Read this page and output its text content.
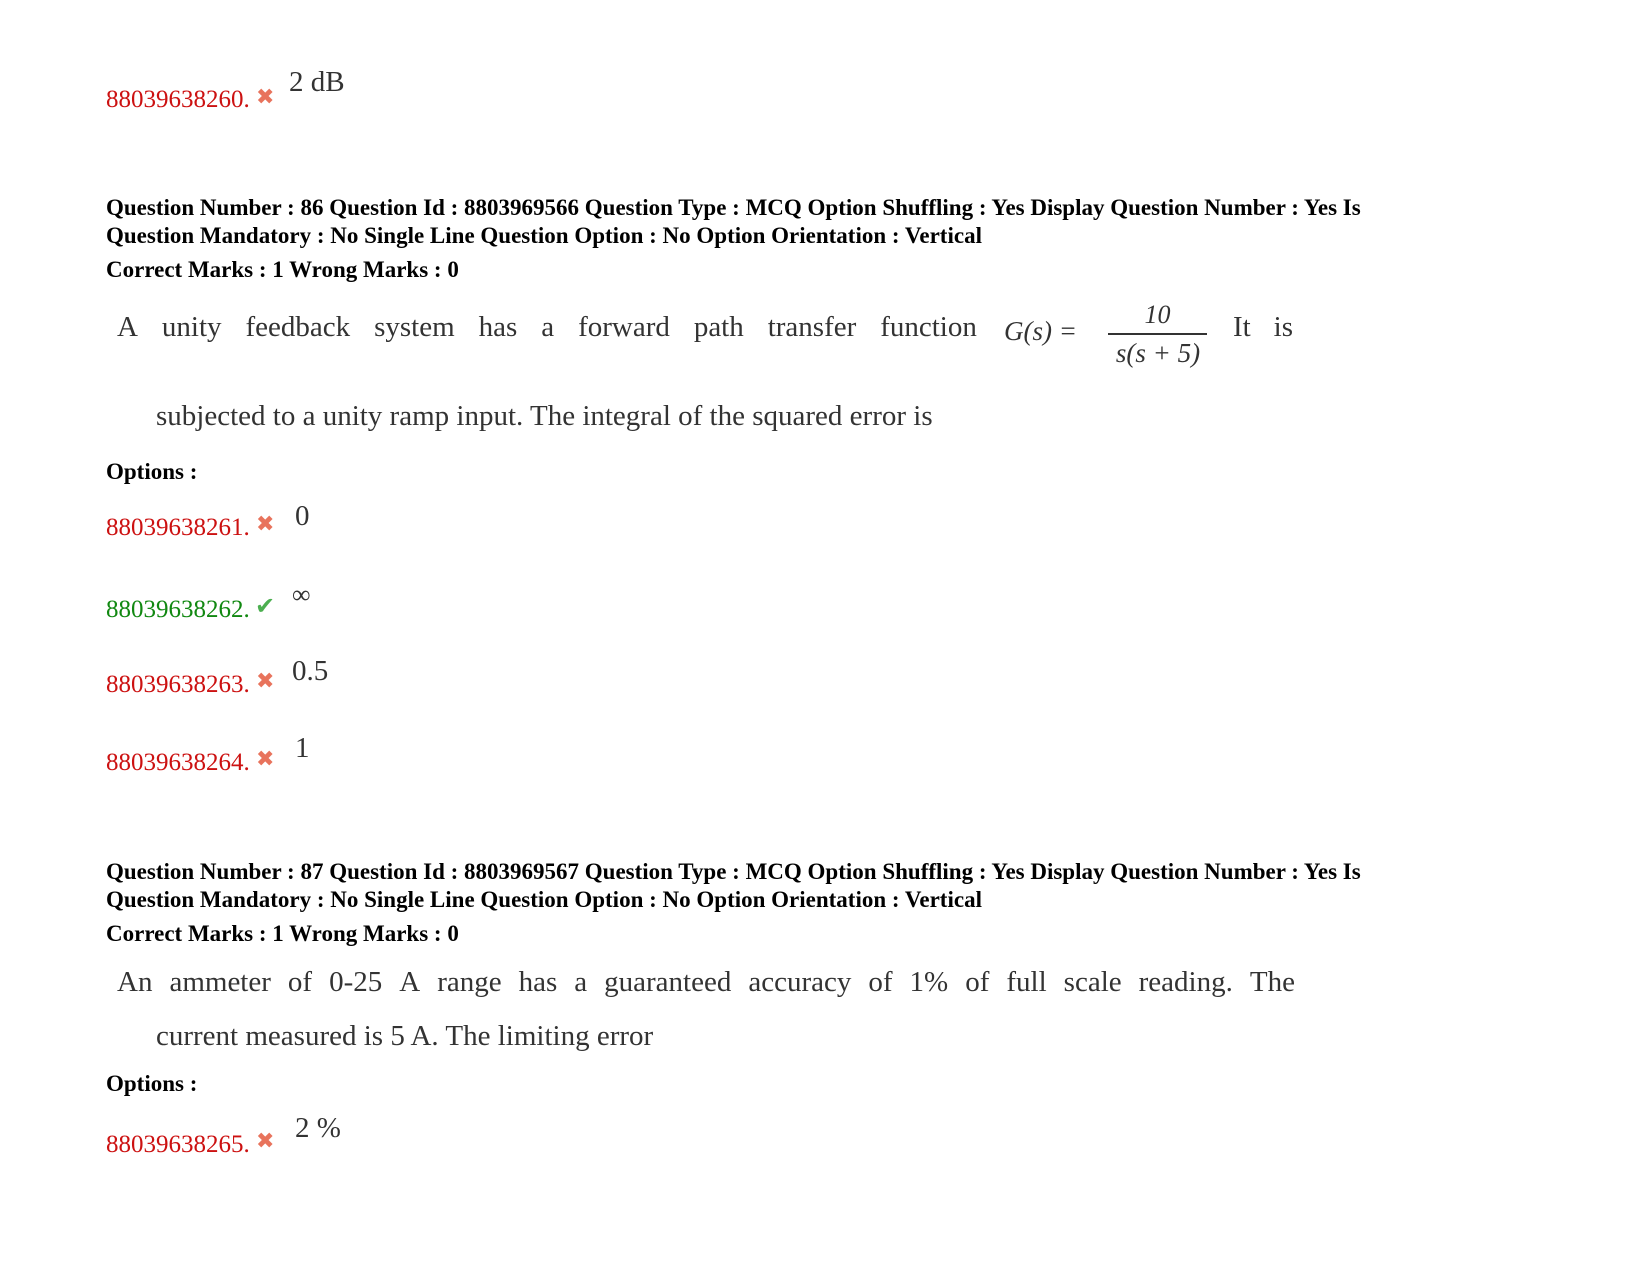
88039638260. ✖ 2 dB
Question Number : 86 Question Id : 8803969566 Question Type : MCQ Option Shuffling : Yes Display Question Number : Yes Is
Question Mandatory : No Single Line Question Option : No Option Orientation : Vertical
Correct Marks : 1 Wrong Marks : 0
A unity feedback system has a forward path transfer function G(s) =
10
s(s + 5)
It is
subjected to a unity ramp input. The integral of the squared error is
Options :
88039638261. ✖ 0
88039638262. ✔ ∞
88039638263. ✖ 0.5
88039638264. ✖ 1
Question Number : 87 Question Id : 8803969567 Question Type : MCQ Option Shuffling : Yes Display Question Number : Yes Is
Question Mandatory : No Single Line Question Option : No Option Orientation : Vertical
Correct Marks : 1 Wrong Marks : 0
An ammeter of 0-25 A range has a guaranteed accuracy of 1% of full scale reading. The
current measured is 5 A. The limiting error
Options :
88039638265. ✖ 2 %
